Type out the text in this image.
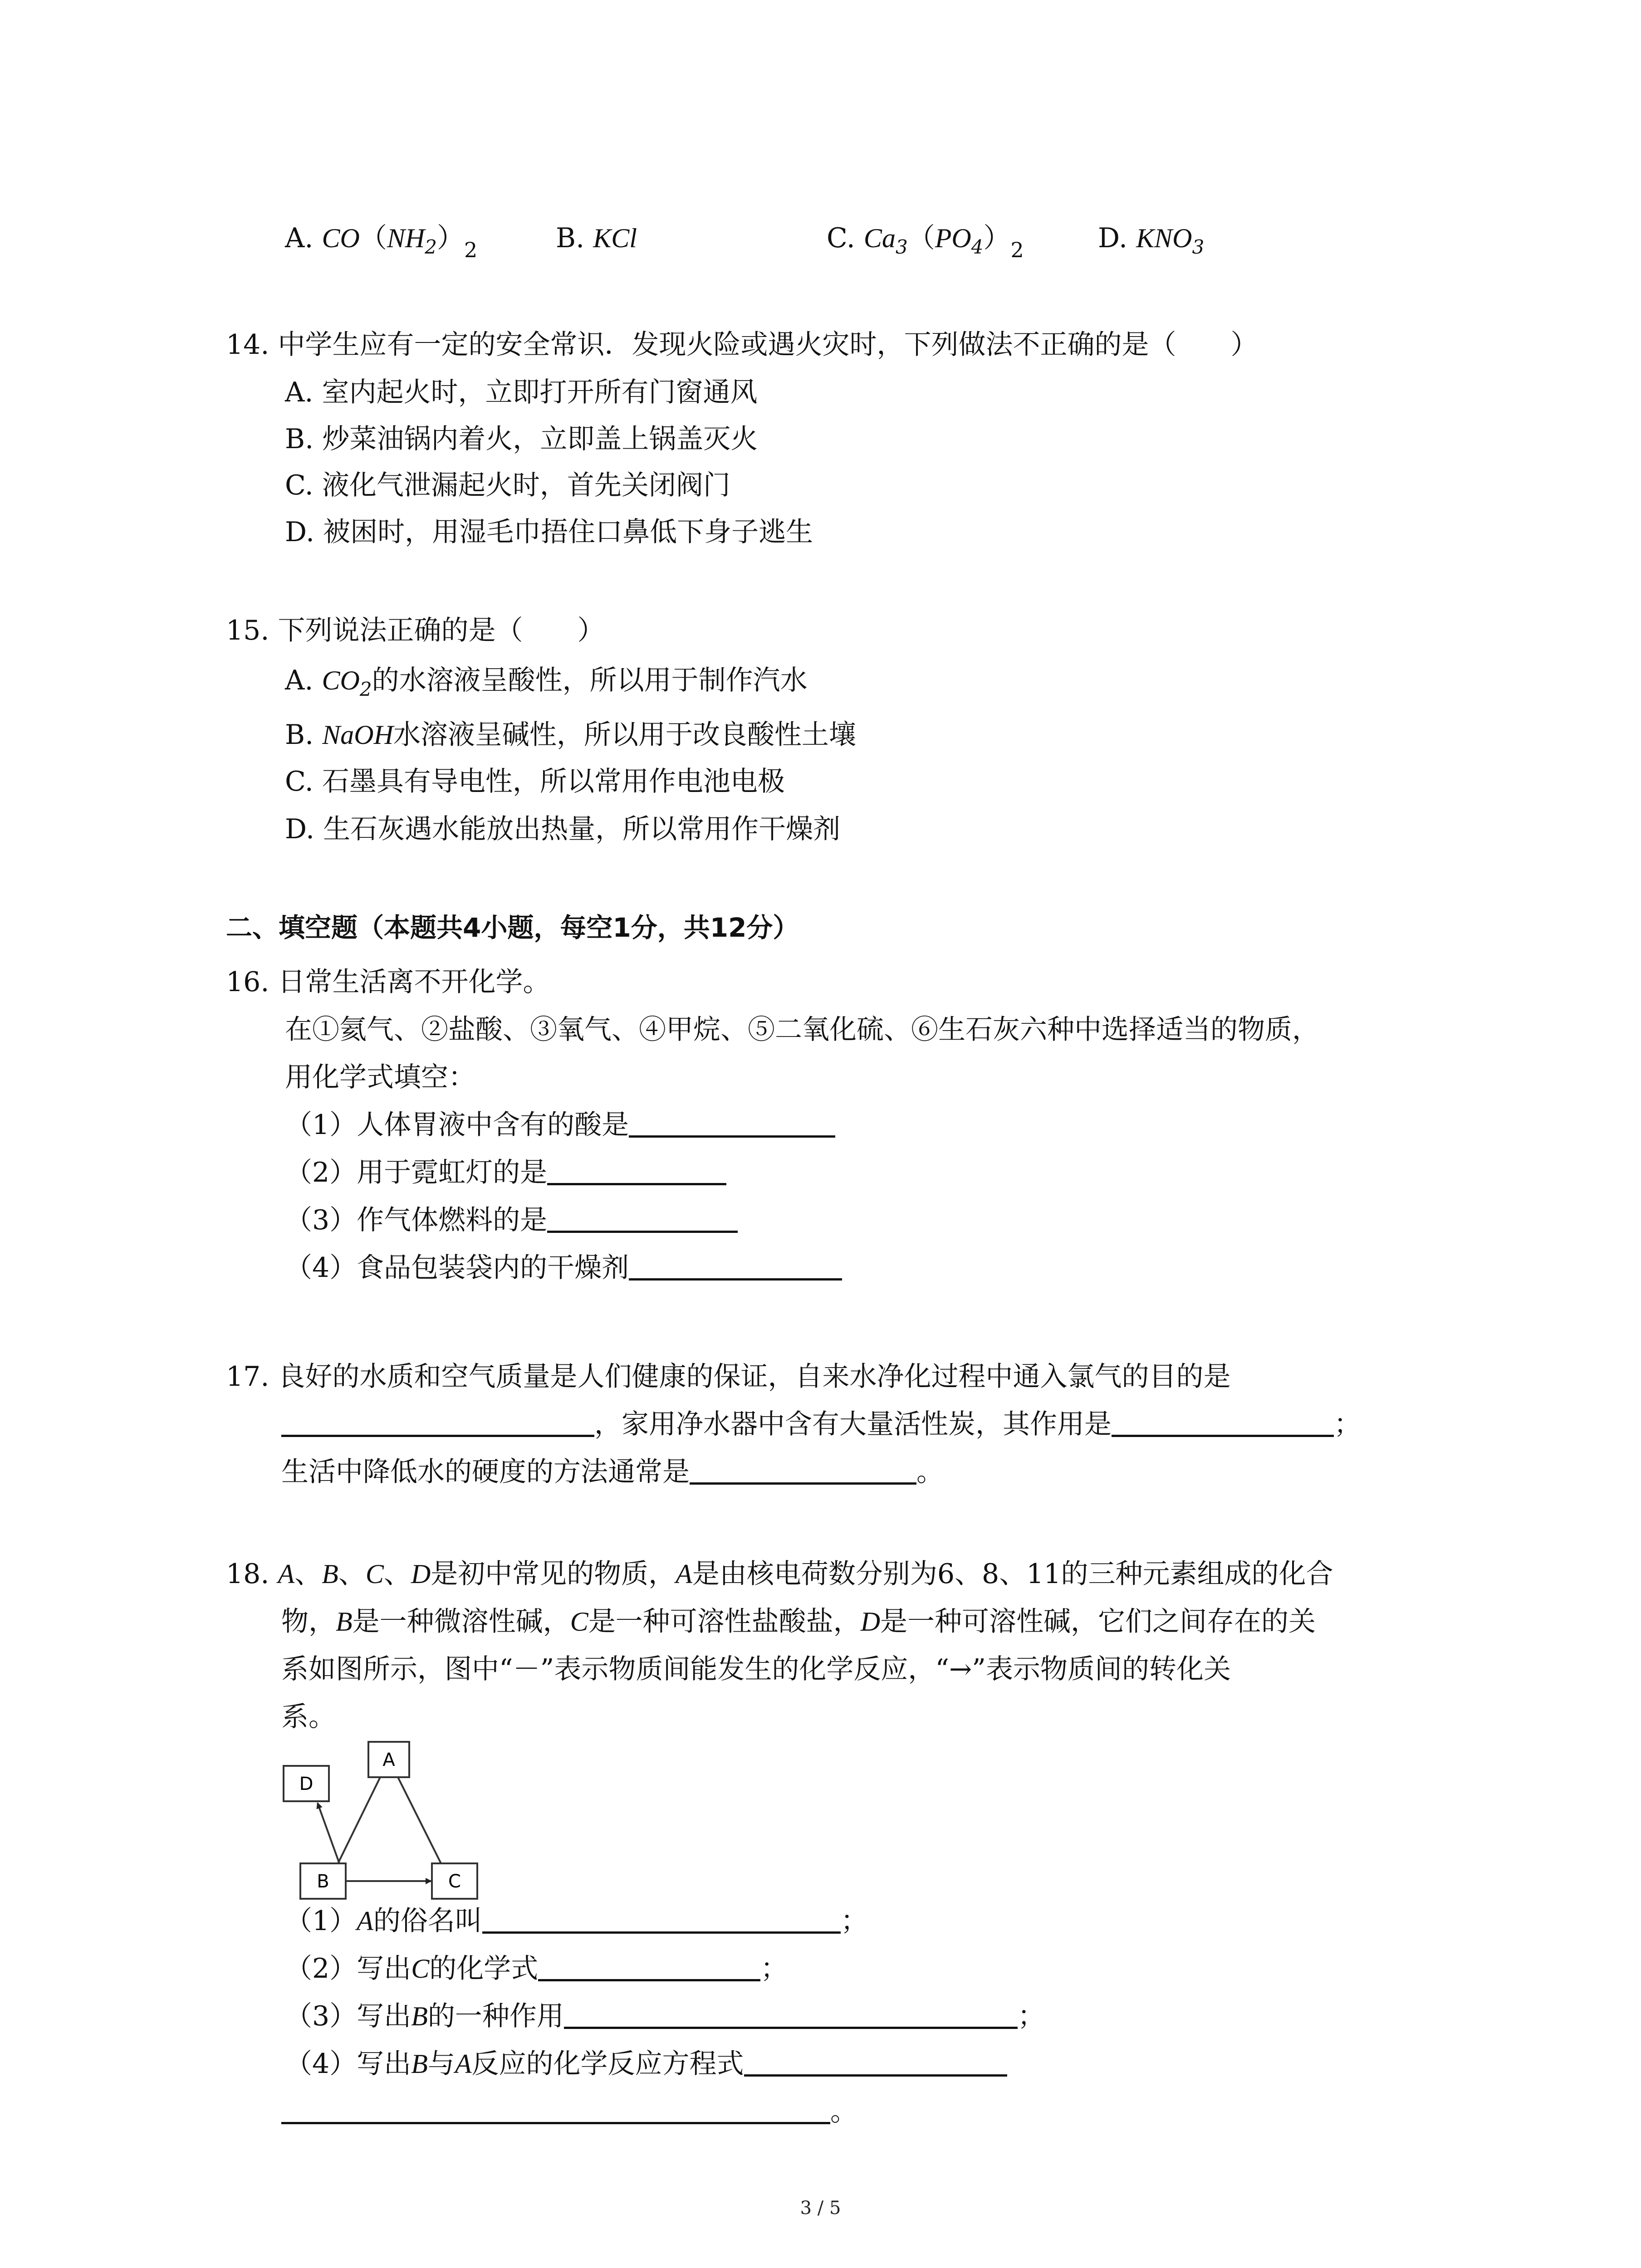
A. $CO(NH_2)_2$	B. KCl	C. $Ca_3(PO_4)_2$	D. $KNO_3$
14. 中学生应有一定的安全常识．发现火险或遇火灾时，下列做法不正确的是（　　）
A. 室内起火时，立即打开所有门窗通风
B. 炒菜油锅内着火，立即盖上锅盖灭火
C. 液化气泄漏起火时，首先关闭阀门
D. 被困时，用湿毛巾捂住口鼻低下身子逃生
15. 下列说法正确的是（　　）
A. $CO_2$的水溶液呈酸性，所以用于制作汽水
B. NaOH水溶液呈碱性，所以用于改良酸性土壤
C. 石墨具有导电性，所以常用作电池电极
D. 生石灰遇水能放出热量，所以常用作干燥剂
二、填空题（本题共4小题，每空1分，共12分）
16. 日常生活离不开化学。
在①氦气、②盐酸、③氧气、④甲烷、⑤二氧化硫、⑥生石灰六种中选择适当的物质，
用化学式填空：
（1）人体胃液中含有的酸是
（2）用于霓虹灯的是
（3）作气体燃料的是
（4）食品包装袋内的干燥剂
17. 良好的水质和空气质量是人们健康的保证，自来水净化过程中通入氯气的目的是
，家用净水器中含有大量活性炭，其作用是	；
生活中降低水的硬度的方法通常是	。
18. A、B、C、D是初中常见的物质，A是由核电荷数分别为6、8、11的三种元素组成的化合
物，B是一种微溶性碱，C是一种可溶性盐酸盐，D是一种可溶性碱，它们之间存在的关
系如图所示，图中“－”表示物质间能发生的化学反应，“→”表示物质间的转化关
系。
A
D
B	C
（1）A的俗名叫	；
（2）写出C的化学式	；
（3）写出B的一种作用	；
（4）写出B与A反应的化学反应方程式
。
3 / 5
